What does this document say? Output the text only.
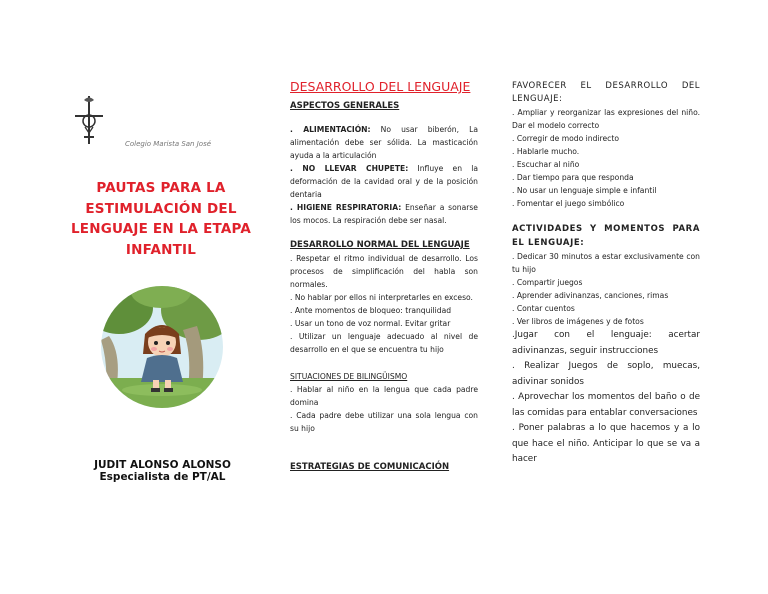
Colegio Marista San José
PAUTAS PARA LA ESTIMULACIÓN DEL LENGUAJE EN LA ETAPA INFANTIL
JUDIT ALONSO ALONSO
Especialista de PT/AL
DESARROLLO DEL LENGUAJE
ASPECTOS GENERALES

. ALIMENTACIÓN: No usar biberón, La alimentación debe ser sólida. La masticación ayuda a la articulación

. NO LLEVAR CHUPETE: Influye en la deformación de la cavidad oral y de la posición dentaria

. HIGIENE RESPIRATORIA: Enseñar a sonarse los mocos. La respiración debe ser nasal.

DESARROLLO NORMAL DEL LENGUAJE

. Respetar el ritmo individual de desarrollo. Los procesos de simplificación del habla son normales.

. No hablar por ellos ni interpretarles en exceso.

. Ante momentos de bloqueo: tranquilidad

. Usar un tono de voz normal. Evitar gritar

. Utilizar un lenguaje adecuado al nivel de desarrollo en el que se encuentra tu hijo

SITUACIONES DE BILINGÜISMO

. Hablar al niño en la lengua que cada padre domina

. Cada padre debe utilizar una sola lengua con su hijo

ESTRATEGIAS DE COMUNICACIÓN
FAVORECER EL DESARROLLO DEL LENGUAJE:

. Ampliar y reorganizar las expresiones del niño. Dar el modelo correcto

. Corregir de modo indirecto

. Hablarle mucho.

. Escuchar al niño

. Dar tiempo para que responda

. No usar un lenguaje simple e infantil

. Fomentar el juego simbólico

ACTIVIDADES Y MOMENTOS PARA EL LENGUAJE:

. Dedicar 30 minutos a estar exclusivamente con tu hijo

. Compartir juegos

. Aprender adivinanzas, canciones, rimas

. Contar cuentos

. Ver libros de imágenes y de fotos

.Jugar con el lenguaje: acertar adivinanzas, seguir instrucciones

. Realizar Juegos de soplo, muecas, adivinar sonidos

. Aprovechar los momentos del baño o de las comidas para entablar conversaciones

. Poner palabras a lo que hacemos y a lo que hace el niño. Anticipar lo que se va a hacer
